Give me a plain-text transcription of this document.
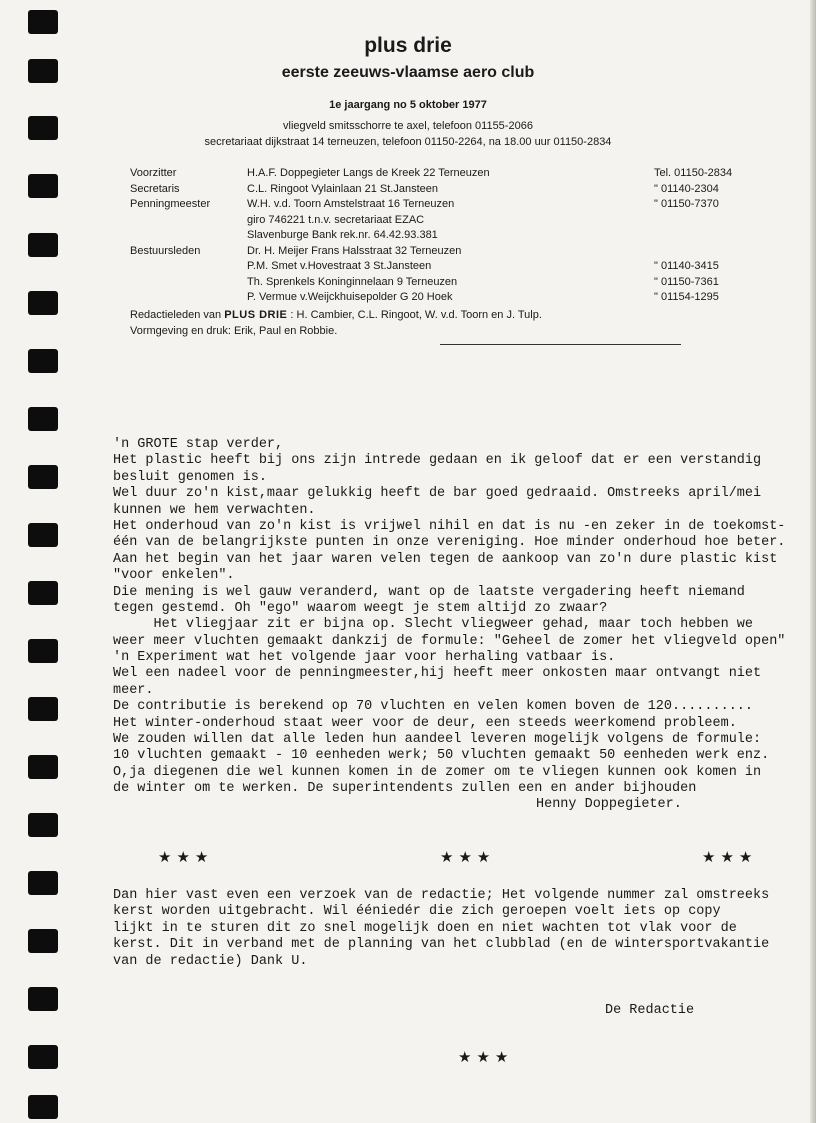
plus drie
eerste zeeuws-vlaamse aero club
1e jaargang no 5 oktober 1977
vliegveld smitsschorre te axel, telefoon 01155-2066
secretariaat dijkstraat 14 terneuzen, telefoon 01150-2264, na 18.00 uur 01150-2834
Voorzitter	H.A.F. Doppegieter Langs de Kreek 22 Terneuzen	Tel. 01150-2834
Secretaris	C.L. Ringoot Vylainlaan 21 St.Jansteen	" 01140-2304
Penningmeester	W.H. v.d. Toorn Amstelstraat 16 Terneuzen	" 01150-7370
giro 746221 t.n.v. secretariaat EZAC
Slavenburge Bank rek.nr. 64.42.93.381
Bestuursleden	Dr. H. Meijer Frans Halsstraat 32 Terneuzen
P.M. Smet v.Hovestraat 3 St.Jansteen	" 01140-3415
Th. Sprenkels Koninginnelaan 9 Terneuzen	" 01150-7361
P. Vermue v.Weijckhuisepolder G 20 Hoek	" 01154-1295
Redactieleden van PLUS DRIE : H. Cambier, C.L. Ringoot, W. v.d. Toorn en J. Tulp.
Vormgeving en druk: Erik, Paul en Robbie.
'n GROTE stap verder,
Het plastic heeft bij ons zijn intrede gedaan en ik geloof dat er een verstandig
besluit genomen is.
Wel duur zo'n kist,maar gelukkig heeft de bar goed gedraaid. Omstreeks april/mei
kunnen we hem verwachten.
Het onderhoud van zo'n kist is vrijwel nihil en dat is nu -en zeker in de toekomst-
één van de belangrijkste punten in onze vereniging. Hoe minder onderhoud hoe beter.
Aan het begin van het jaar waren velen tegen de aankoop van zo'n dure plastic kist
"voor enkelen".
Die mening is wel gauw veranderd, want op de laatste vergadering heeft niemand
tegen gestemd. Oh "ego" waarom weegt je stem altijd zo zwaar?
Het vliegjaar zit er bijna op. Slecht vliegweer gehad, maar toch hebben we
weer meer vluchten gemaakt dankzij de formule: "Geheel de zomer het vliegveld open"
'n Experiment wat het volgende jaar voor herhaling vatbaar is.
Wel een nadeel voor de penningmeester,hij heeft meer onkosten maar ontvangt niet
meer.
De contributie is berekend op 70 vluchten en velen komen boven de 120..........
Het winter-onderhoud staat weer voor de deur, een steeds weerkomend probleem.
We zouden willen dat alle leden hun aandeel leveren mogelijk volgens de formule:
10 vluchten gemaakt - 10 eenheden werk; 50 vluchten gemaakt 50 eenheden werk enz.
O,ja diegenen die wel kunnen komen in de zomer om te vliegen kunnen ook komen in
de winter om te werken. De superintendents zullen een en ander bijhouden
Henny Doppegieter.
★★★	★★★	★★★
Dan hier vast even een verzoek van de redactie; Het volgende nummer zal omstreeks
kerst worden uitgebracht. Wil ééniedér die zich geroepen voelt iets op copy
lijkt in te sturen dit zo snel mogelijk doen en niet wachten tot vlak voor de
kerst. Dit in verband met de planning van het clubblad (en de wintersportvakantie
van de redactie) Dank U.
De Redactie
★★★
